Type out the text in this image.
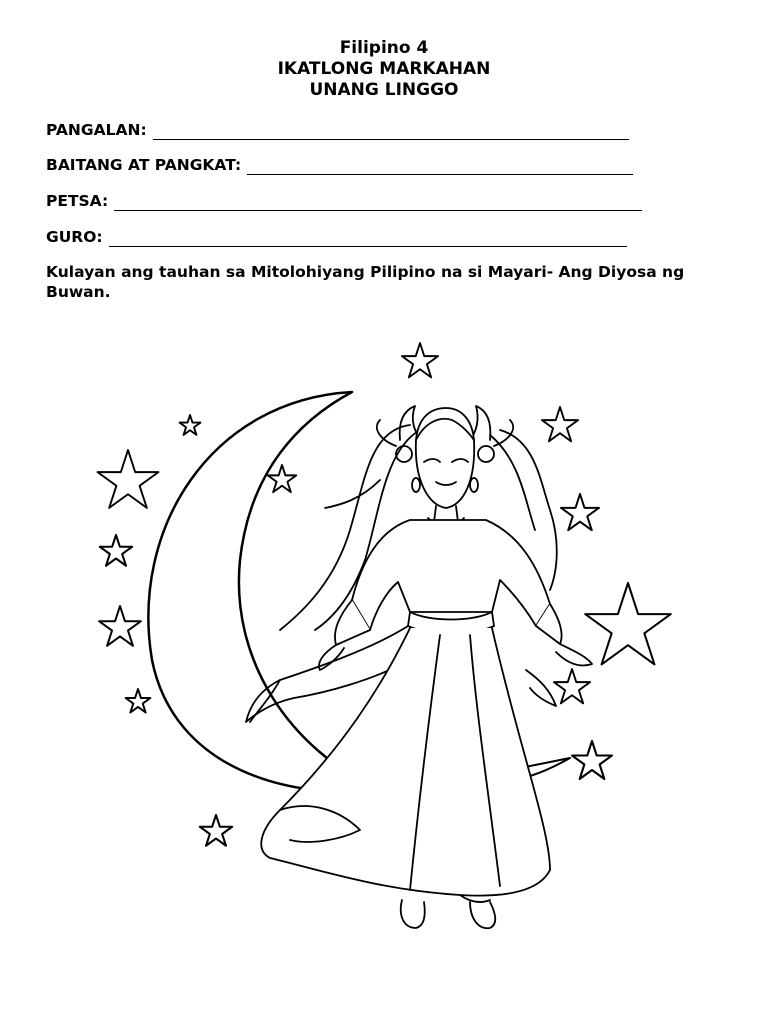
Filipino 4
IKATLONG MARKAHAN
UNANG LINGGO
PANGALAN:
BAITANG AT PANGKAT:
PETSA:
GURO:
Kulayan ang tauhan sa Mitolohiyang Pilipino na si Mayari- Ang Diyosa ng Buwan.
